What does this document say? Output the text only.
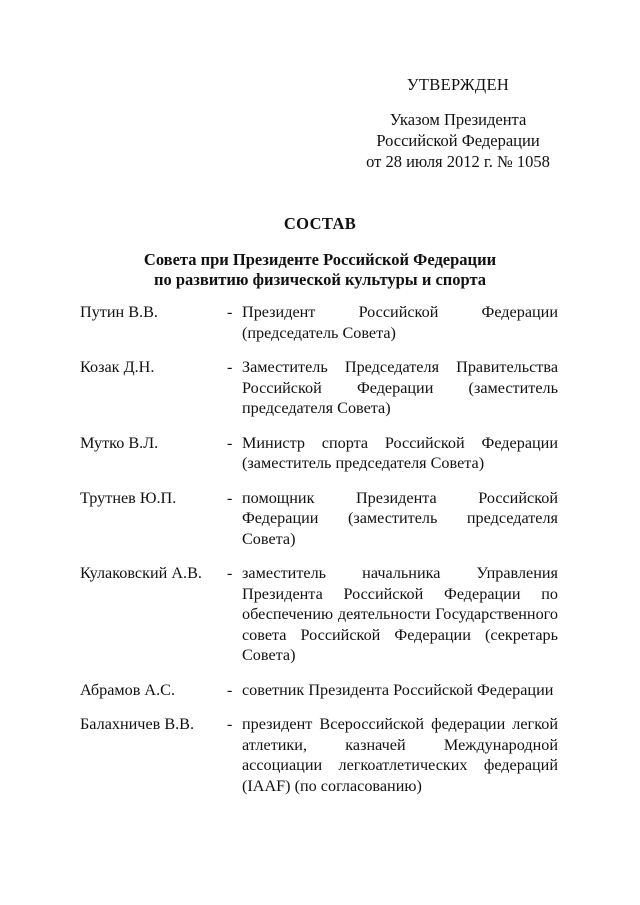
УТВЕРЖДЕН
Указом Президента
Российской Федерации
от 28 июля 2012 г. № 1058
СОСТАВ
Совета при Президенте Российской Федерации
по развитию физической культуры и спорта
Путин В.В.	- Президент Российской Федерации (председатель Совета)
Козак Д.Н.	- Заместитель Председателя Правительства Российской Федерации (заместитель председателя Совета)
Мутко В.Л.	- Министр спорта Российской Федерации (заместитель председателя Совета)
Трутнев Ю.П.	- помощник Президента Российской Федерации (заместитель председателя Совета)
Кулаковский А.В.	- заместитель начальника Управления Президента Российской Федерации по обеспечению деятельности Государственного совета Российской Федерации (секретарь Совета)
Абрамов А.С.	- советник Президента Российской Федерации
Балахничев В.В.	- президент Всероссийской федерации легкой атлетики, казначей Международной ассоциации легкоатлетических федераций (IAAF) (по согласованию)
